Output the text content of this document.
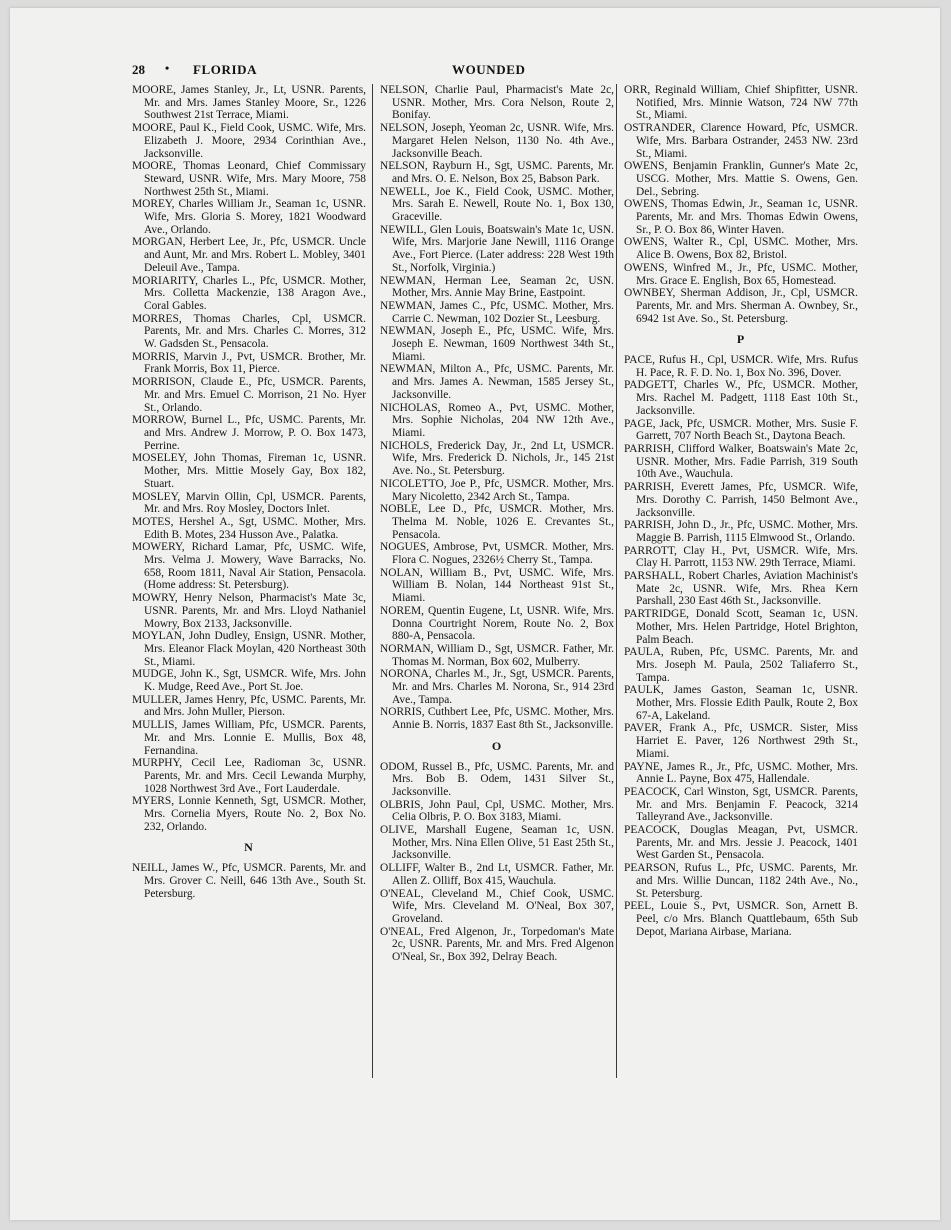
28 • FLORIDA	WOUNDED

MOORE, James Stanley, Jr., Lt, USNR. Parents, Mr. and Mrs. James Stanley Moore, Sr., 1226 Southwest 21st Terrace, Miami.

MOORE, Paul K., Field Cook, USMC. Wife, Mrs. Elizabeth J. Moore, 2934 Corinthian Ave., Jacksonville.

MOORE, Thomas Leonard, Chief Commissary Steward, USNR. Wife, Mrs. Mary Moore, 758 Northwest 25th St., Miami.

MOREY, Charles William Jr., Seaman 1c, USNR. Wife, Mrs. Gloria S. Morey, 1821 Woodward Ave., Orlando.

MORGAN, Herbert Lee, Jr., Pfc, USMCR. Uncle and Aunt, Mr. and Mrs. Robert L. Mobley, 3401 Deleuil Ave., Tampa.

MORIARITY, Charles L., Pfc, USMCR. Mother, Mrs. Colletta Mackenzie, 138 Aragon Ave., Coral Gables.

MORRES, Thomas Charles, Cpl, USMCR. Parents, Mr. and Mrs. Charles C. Morres, 312 W. Gadsden St., Pensacola.

MORRIS, Marvin J., Pvt, USMCR. Brother, Mr. Frank Morris, Box 11, Pierce.

MORRISON, Claude E., Pfc, USMCR. Parents, Mr. and Mrs. Emuel C. Morrison, 21 No. Hyer St., Orlando.

MORROW, Burnel L., Pfc, USMC. Parents, Mr. and Mrs. Andrew J. Morrow, P. O. Box 1473, Perrine.

MOSELEY, John Thomas, Fireman 1c, USNR. Mother, Mrs. Mittie Mosely Gay, Box 182, Stuart.

MOSLEY, Marvin Ollin, Cpl, USMCR. Parents, Mr. and Mrs. Roy Mosley, Doctors Inlet.

MOTES, Hershel A., Sgt, USMC. Mother, Mrs. Edith B. Motes, 234 Husson Ave., Palatka.

MOWERY, Richard Lamar, Pfc, USMC. Wife, Mrs. Velma J. Mowery, Wave Barracks, No. 658, Room 1811, Naval Air Station, Pensacola. (Home address: St. Petersburg).

MOWRY, Henry Nelson, Pharmacist's Mate 3c, USNR. Parents, Mr. and Mrs. Lloyd Nathaniel Mowry, Box 2133, Jacksonville.

MOYLAN, John Dudley, Ensign, USNR. Mother, Mrs. Eleanor Flack Moylan, 420 Northeast 30th St., Miami.

MUDGE, John K., Sgt, USMCR. Wife, Mrs. John K. Mudge, Reed Ave., Port St. Joe.

MULLER, James Henry, Pfc, USMC. Parents, Mr. and Mrs. John Muller, Pierson.

MULLIS, James William, Pfc, USMCR. Parents, Mr. and Mrs. Lonnie E. Mullis, Box 48, Fernandina.

MURPHY, Cecil Lee, Radioman 3c, USNR. Parents, Mr. and Mrs. Cecil Lewanda Murphy, 1028 Northwest 3rd Ave., Fort Lauderdale.

MYERS, Lonnie Kenneth, Sgt, USMCR. Mother, Mrs. Cornelia Myers, Route No. 2, Box No. 232, Orlando.

N

NEILL, James W., Pfc, USMCR. Parents, Mr. and Mrs. Grover C. Neill, 646 13th Ave., South St. Petersburg.

NELSON, Charlie Paul, Pharmacist's Mate 2c, USNR. Mother, Mrs. Cora Nelson, Route 2, Bonifay.

NELSON, Joseph, Yeoman 2c, USNR. Wife, Mrs. Margaret Helen Nelson, 1130 No. 4th Ave., Jacksonville Beach.

NELSON, Rayburn H., Sgt, USMC. Parents, Mr. and Mrs. O. E. Nelson, Box 25, Babson Park.

NEWELL, Joe K., Field Cook, USMC. Mother, Mrs. Sarah E. Newell, Route No. 1, Box 130, Graceville.

NEWILL, Glen Louis, Boatswain's Mate 1c, USN. Wife, Mrs. Marjorie Jane Newill, 1116 Orange Ave., Fort Pierce. (Later address: 228 West 19th St., Norfolk, Virginia.)

NEWMAN, Herman Lee, Seaman 2c, USN. Mother, Mrs. Annie May Brine, Eastpoint.

NEWMAN, James C., Pfc, USMC. Mother, Mrs. Carrie C. Newman, 102 Dozier St., Leesburg.

NEWMAN, Joseph E., Pfc, USMC. Wife, Mrs. Joseph E. Newman, 1609 Northwest 34th St., Miami.

NEWMAN, Milton A., Pfc, USMC. Parents, Mr. and Mrs. James A. Newman, 1585 Jersey St., Jacksonville.

NICHOLAS, Romeo A., Pvt, USMC. Mother, Mrs. Sophie Nicholas, 204 NW 12th Ave., Miami.

NICHOLS, Frederick Day, Jr., 2nd Lt, USMCR. Wife, Mrs. Frederick D. Nichols, Jr., 145 21st Ave. No., St. Petersburg.

NICOLETTO, Joe P., Pfc, USMCR. Mother, Mrs. Mary Nicoletto, 2342 Arch St., Tampa.

NOBLE, Lee D., Pfc, USMCR. Mother, Mrs. Thelma M. Noble, 1026 E. Crevantes St., Pensacola.

NOGUES, Ambrose, Pvt, USMCR. Mother, Mrs. Flora C. Nogues, 2326½ Cherry St., Tampa.

NOLAN, William B., Pvt, USMC. Wife, Mrs. William B. Nolan, 144 Northeast 91st St., Miami.

NOREM, Quentin Eugene, Lt, USNR. Wife, Mrs. Donna Courtright Norem, Route No. 2, Box 880-A, Pensacola.

NORMAN, William D., Sgt, USMCR. Father, Mr. Thomas M. Norman, Box 602, Mulberry.

NORONA, Charles M., Jr., Sgt, USMCR. Parents, Mr. and Mrs. Charles M. Norona, Sr., 914 23rd Ave., Tampa.

NORRIS, Cuthbert Lee, Pfc, USMC. Mother, Mrs. Annie B. Norris, 1837 East 8th St., Jacksonville.

O

ODOM, Russel B., Pfc, USMC. Parents, Mr. and Mrs. Bob B. Odem, 1431 Silver St., Jacksonville.

OLBRIS, John Paul, Cpl, USMC. Mother, Mrs. Celia Olbris, P. O. Box 3183, Miami.

OLIVE, Marshall Eugene, Seaman 1c, USN. Mother, Mrs. Nina Ellen Olive, 51 East 25th St., Jacksonville.

OLLIFF, Walter B., 2nd Lt, USMCR. Father, Mr. Allen Z. Olliff, Box 415, Wauchula.

O'NEAL, Cleveland M., Chief Cook, USMC. Wife, Mrs. Cleveland M. O'Neal, Box 307, Groveland.

O'NEAL, Fred Algenon, Jr., Torpedoman's Mate 2c, USNR. Parents, Mr. and Mrs. Fred Algenon O'Neal, Sr., Box 392, Delray Beach.

ORR, Reginald William, Chief Shipfitter, USNR. Notified, Mrs. Minnie Watson, 724 NW 77th St., Miami.

OSTRANDER, Clarence Howard, Pfc, USMCR. Wife, Mrs. Barbara Ostrander, 2453 NW. 23rd St., Miami.

OWENS, Benjamin Franklin, Gunner's Mate 2c, USCG. Mother, Mrs. Mattie S. Owens, Gen. Del., Sebring.

OWENS, Thomas Edwin, Jr., Seaman 1c, USNR. Parents, Mr. and Mrs. Thomas Edwin Owens, Sr., P. O. Box 86, Winter Haven.

OWENS, Walter R., Cpl, USMC. Mother, Mrs. Alice B. Owens, Box 82, Bristol.

OWENS, Winfred M., Jr., Pfc, USMC. Mother, Mrs. Grace E. English, Box 65, Homestead.

OWNBEY, Sherman Addison, Jr., Cpl, USMCR. Parents, Mr. and Mrs. Sherman A. Ownbey, Sr., 6942 1st Ave. So., St. Petersburg.

P

PACE, Rufus H., Cpl, USMCR. Wife, Mrs. Rufus H. Pace, R. F. D. No. 1, Box No. 396, Dover.

PADGETT, Charles W., Pfc, USMCR. Mother, Mrs. Rachel M. Padgett, 1118 East 10th St., Jacksonville.

PAGE, Jack, Pfc, USMCR. Mother, Mrs. Susie F. Garrett, 707 North Beach St., Daytona Beach.

PARRISH, Clifford Walker, Boatswain's Mate 2c, USNR. Mother, Mrs. Fadie Parrish, 319 South 10th Ave., Wauchula.

PARRISH, Everett James, Pfc, USMCR. Wife, Mrs. Dorothy C. Parrish, 1450 Belmont Ave., Jacksonville.

PARRISH, John D., Jr., Pfc, USMC. Mother, Mrs. Maggie B. Parrish, 1115 Elmwood St., Orlando.

PARROTT, Clay H., Pvt, USMCR. Wife, Mrs. Clay H. Parrott, 1153 NW. 29th Terrace, Miami.

PARSHALL, Robert Charles, Aviation Machinist's Mate 2c, USNR. Wife, Mrs. Rhea Kern Parshall, 230 East 46th St., Jacksonville.

PARTRIDGE, Donald Scott, Seaman 1c, USN. Mother, Mrs. Helen Partridge, Hotel Brighton, Palm Beach.

PAULA, Ruben, Pfc, USMC. Parents, Mr. and Mrs. Joseph M. Paula, 2502 Taliaferro St., Tampa.

PAULK, James Gaston, Seaman 1c, USNR. Mother, Mrs. Flossie Edith Paulk, Route 2, Box 67-A, Lakeland.

PAVER, Frank A., Pfc, USMCR. Sister, Miss Harriet E. Paver, 126 Northwest 29th St., Miami.

PAYNE, James R., Jr., Pfc, USMC. Mother, Mrs. Annie L. Payne, Box 475, Hallendale.

PEACOCK, Carl Winston, Sgt, USMCR. Parents, Mr. and Mrs. Benjamin F. Peacock, 3214 Talleyrand Ave., Jacksonville.

PEACOCK, Douglas Meagan, Pvt, USMCR. Parents, Mr. and Mrs. Jessie J. Peacock, 1401 West Garden St., Pensacola.

PEARSON, Rufus L., Pfc, USMC. Parents, Mr. and Mrs. Willie Duncan, 1182 24th Ave., No., St. Petersburg.

PEEL, Louie S., Pvt, USMCR. Son, Arnett B. Peel, c/o Mrs. Blanch Quattlebaum, 65th Sub Depot, Mariana Airbase, Mariana.
